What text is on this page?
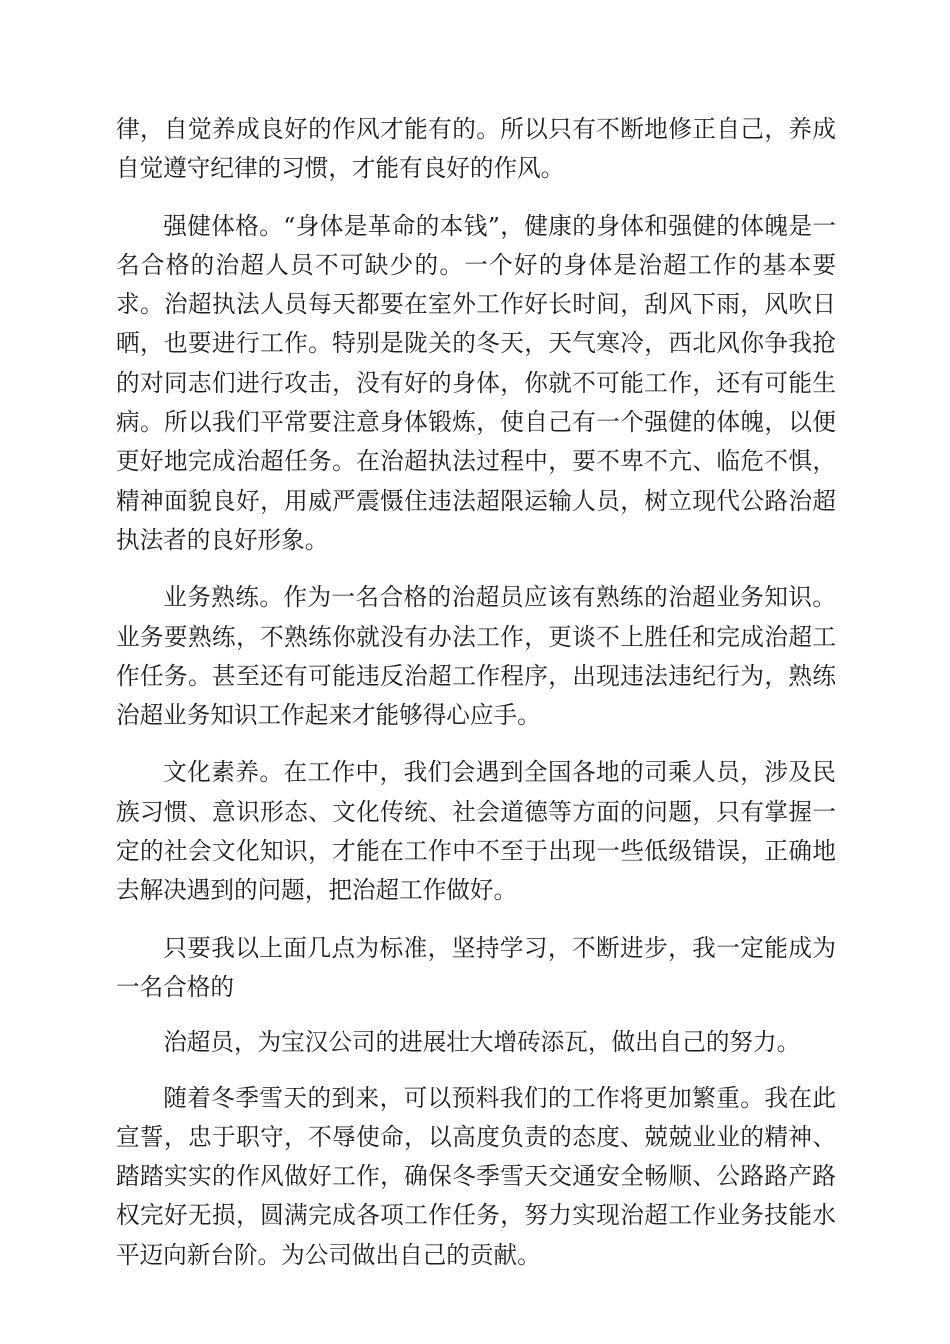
律，自觉养成良好的作风才能有的。所以只有不断地修正自己，养成自觉遵守纪律的习惯，才能有良好的作风。

强健体格。“身体是革命的本钱”，健康的身体和强健的体魄是一名合格的治超人员不可缺少的。一个好的身体是治超工作的基本要求。治超执法人员每天都要在室外工作好长时间，刮风下雨，风吹日晒，也要进行工作。特别是陇关的冬天，天气寒冷，西北风你争我抢的对同志们进行攻击，没有好的身体，你就不可能工作，还有可能生病。所以我们平常要注意身体锻炼，使自己有一个强健的体魄，以便更好地完成治超任务。在治超执法过程中，要不卑不亢、临危不惧，精神面貌良好，用威严震慑住违法超限运输人员，树立现代公路治超执法者的良好形象。

业务熟练。作为一名合格的治超员应该有熟练的治超业务知识。业务要熟练，不熟练你就没有办法工作，更谈不上胜任和完成治超工作任务。甚至还有可能违反治超工作程序，出现违法违纪行为，熟练治超业务知识工作起来才能够得心应手。

文化素养。在工作中，我们会遇到全国各地的司乘人员，涉及民族习惯、意识形态、文化传统、社会道德等方面的问题，只有掌握一定的社会文化知识，才能在工作中不至于出现一些低级错误，正确地去解决遇到的问题，把治超工作做好。

只要我以上面几点为标准，坚持学习，不断进步，我一定能成为一名合格的

治超员，为宝汉公司的进展壮大增砖添瓦，做出自己的努力。

随着冬季雪天的到来，可以预料我们的工作将更加繁重。我在此宣誓，忠于职守，不辱使命，以高度负责的态度、兢兢业业的精神、踏踏实实的作风做好工作，确保冬季雪天交通安全畅顺、公路路产路权完好无损，圆满完成各项工作任务，努力实现治超工作业务技能水平迈向新台阶。为公司做出自己的贡献。
